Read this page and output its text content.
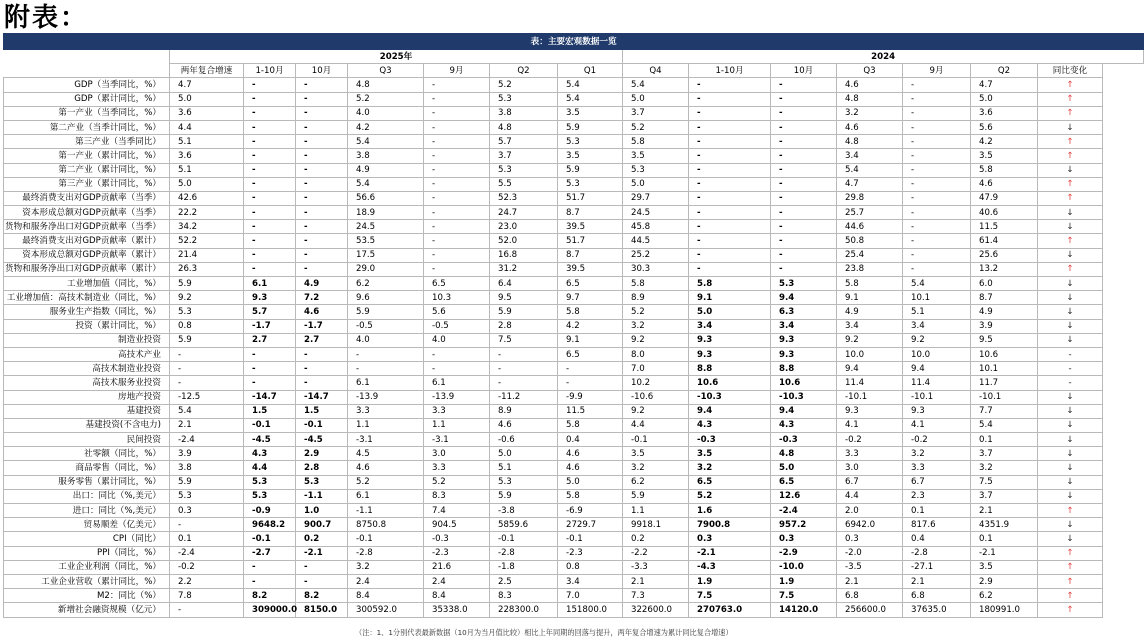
附表：
表：主要宏观数据一览														
	2025年							2024						
	两年复合增速	1-10月	10月	Q3	9月	Q2	Q1	Q4	1-10月	10月	Q3	9月	Q2	同比变化
GDP（当季同比，%）	4.7	-	-	4.8	-	5.2	5.4	5.4	-	-	4.6	-	4.7	↑
GDP（累计同比，%）	5.0	-	-	5.2	-	5.3	5.4	5.0	-	-	4.8	-	5.0	↑
第一产业（当季同比，%）	3.6	-	-	4.0	-	3.8	3.5	3.7	-	-	3.2	-	3.6	↑
第二产业（当季计同比，%）	4.4	-	-	4.2	-	4.8	5.9	5.2	-	-	4.6	-	5.6	↓
第三产业（当季同比）	5.1	-	-	5.4	-	5.7	5.3	5.8	-	-	4.8	-	4.2	↑
第一产业（累计同比，%）	3.6	-	-	3.8	-	3.7	3.5	3.5	-	-	3.4	-	3.5	↑
第二产业（累计同比，%）	5.1	-	-	4.9	-	5.3	5.9	5.3	-	-	5.4	-	5.8	↓
第三产业（累计同比，%）	5.0	-	-	5.4	-	5.5	5.3	5.0	-	-	4.7	-	4.6	↑
最终消费支出对GDP贡献率（当季）	42.6	-	-	56.6	-	52.3	51.7	29.7	-	-	29.8	-	47.9	↑
资本形成总额对GDP贡献率（当季）	22.2	-	-	18.9	-	24.7	8.7	24.5	-	-	25.7	-	40.6	↓
货物和服务净出口对GDP贡献率（当季）	34.2	-	-	24.5	-	23.0	39.5	45.8	-	-	44.6	-	11.5	↓
最终消费支出对GDP贡献率（累计）	52.2	-	-	53.5	-	52.0	51.7	44.5	-	-	50.8	-	61.4	↑
资本形成总额对GDP贡献率（累计）	21.4	-	-	17.5	-	16.8	8.7	25.2	-	-	25.4	-	25.6	↓
货物和服务净出口对GDP贡献率（累计）	26.3	-	-	29.0	-	31.2	39.5	30.3	-	-	23.8	-	13.2	↑
工业增加值（同比，%）	5.9	6.1	4.9	6.2	6.5	6.4	6.5	5.8	5.8	5.3	5.8	5.4	6.0	↓
工业增加值：高技术制造业（同比，%）	9.2	9.3	7.2	9.6	10.3	9.5	9.7	8.9	9.1	9.4	9.1	10.1	8.7	↓
服务业生产指数（同比，%）	5.3	5.7	4.6	5.9	5.6	5.9	5.8	5.2	5.0	6.3	4.9	5.1	4.9	↓
投资（累计同比，%）	0.8	-1.7	-1.7	-0.5	-0.5	2.8	4.2	3.2	3.4	3.4	3.4	3.4	3.9	↓
制造业投资	5.9	2.7	2.7	4.0	4.0	7.5	9.1	9.2	9.3	9.3	9.2	9.2	9.5	↓
高技术产业	-	-	-	-	-	-	6.5	8.0	9.3	9.3	10.0	10.0	10.6	-
高技术制造业投资	-	-	-	-	-	-	-	7.0	8.8	8.8	9.4	9.4	10.1	-
高技术服务业投资	-	-	-	6.1	6.1	-	-	10.2	10.6	10.6	11.4	11.4	11.7	-
房地产投资	-12.5	-14.7	-14.7	-13.9	-13.9	-11.2	-9.9	-10.6	-10.3	-10.3	-10.1	-10.1	-10.1	↓
基建投资	5.4	1.5	1.5	3.3	3.3	8.9	11.5	9.2	9.4	9.4	9.3	9.3	7.7	↓
基建投资(不含电力)	2.1	-0.1	-0.1	1.1	1.1	4.6	5.8	4.4	4.3	4.3	4.1	4.1	5.4	↓
民间投资	-2.4	-4.5	-4.5	-3.1	-3.1	-0.6	0.4	-0.1	-0.3	-0.3	-0.2	-0.2	0.1	↓
社零额（同比，%）	3.9	4.3	2.9	4.5	3.0	5.0	4.6	3.5	3.5	4.8	3.3	3.2	3.7	↓
商品零售（同比，%）	3.8	4.4	2.8	4.6	3.3	5.1	4.6	3.2	3.2	5.0	3.0	3.3	3.2	↓
服务零售（累计同比，%）	5.9	5.3	5.3	5.2	5.2	5.3	5.0	6.2	6.5	6.5	6.7	6.7	7.5	↓
出口：同比（%,美元）	5.3	5.3	-1.1	6.1	8.3	5.9	5.8	5.9	5.2	12.6	4.4	2.3	3.7	↓
进口：同比（%,美元）	0.3	-0.9	1.0	-1.1	7.4	-3.8	-6.9	1.1	1.6	-2.4	2.0	0.1	2.1	↑
贸易顺差（亿美元）	-	9648.2	900.7	8750.8	904.5	5859.6	2729.7	9918.1	7900.8	957.2	6942.0	817.6	4351.9	↓
CPI（同比）	0.1	-0.1	0.2	-0.1	-0.3	-0.1	-0.1	0.2	0.3	0.3	0.3	0.4	0.1	↓
PPI（同比，%）	-2.4	-2.7	-2.1	-2.8	-2.3	-2.8	-2.3	-2.2	-2.1	-2.9	-2.0	-2.8	-2.1	↑
工业企业利润（同比，%）	-0.2	-	-	3.2	21.6	-1.8	0.8	-3.3	-4.3	-10.0	-3.5	-27.1	3.5	↑
工业企业营收（累计同比，%）	2.2	-	-	2.4	2.4	2.5	3.4	2.1	1.9	1.9	2.1	2.1	2.9	↑
M2：同比（%）	7.8	8.2	8.2	8.4	8.4	8.3	7.0	7.3	7.5	7.5	6.8	6.8	6.2	↑
新增社会融资规模（亿元）	-	309000.0	8150.0	300592.0	35338.0	228300.0	151800.0	322600.0	270763.0	14120.0	256600.0	37635.0	180991.0	↑
（注：1、1分别代表最新数据（10月为当月值比较）相比上年同期的回落与提升，两年复合增速为累计同比复合增速）
